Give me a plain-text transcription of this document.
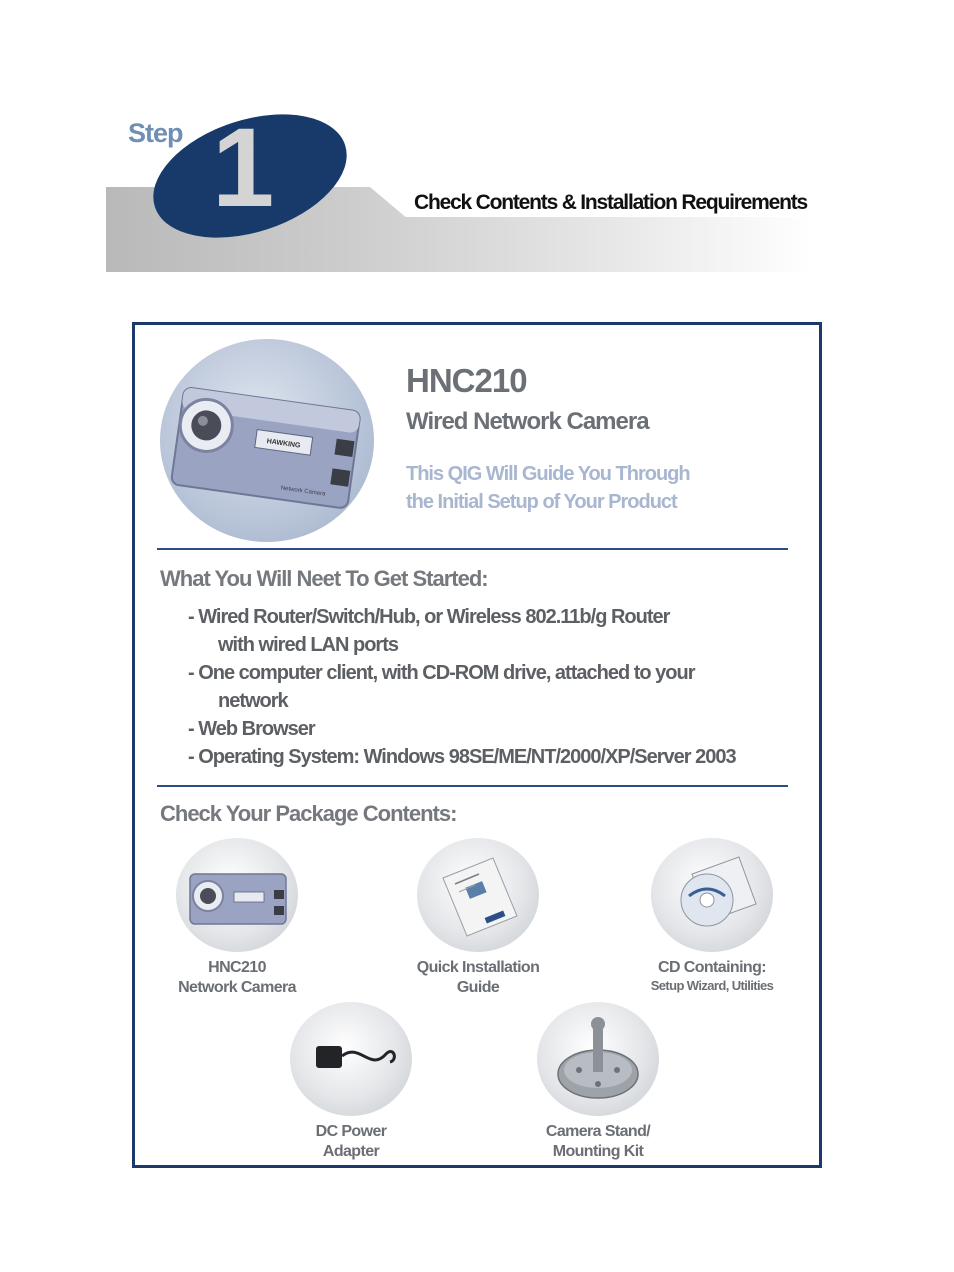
Step 1	Check Contents & Installation Requirements
HAWKING
Network Camera
HNC210
Wired Network Camera
This QIG Will Guide You Through
the Initial Setup of Your Product
What You Will Neet To Get Started:
- Wired Router/Switch/Hub, or Wireless 802.11b/g Router
with wired LAN ports
- One computer client, with CD-ROM drive, attached to your
network
- Web Browser
- Operating System: Windows 98SE/ME/NT/2000/XP/Server 2003
Check Your Package Contents:
HNC210
Network Camera
Quick Installation
Guide
CD Containing:
Setup Wizard, Utilities
DC Power
Adapter
Camera Stand/
Mounting Kit
